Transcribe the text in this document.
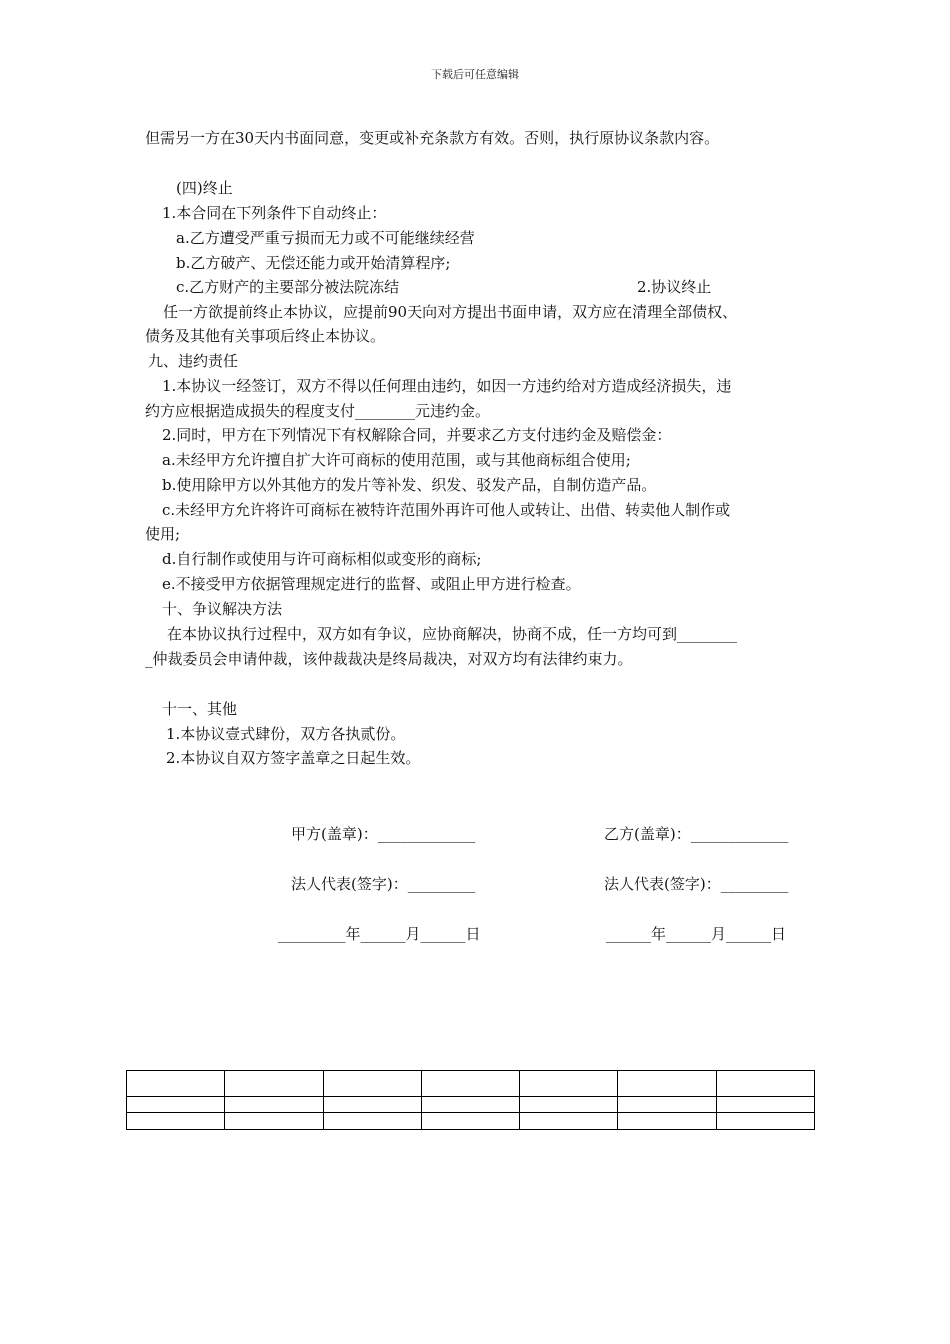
下载后可任意编辑
但需另一方在30天内书面同意，变更或补充条款方有效。否则，执行原协议条款内容。
(四)终止
1.本合同在下列条件下自动终止：
a.乙方遭受严重亏损而无力或不可能继续经营
b.乙方破产、无偿还能力或开始清算程序;
c.乙方财产的主要部分被法院冻结	2.协议终止
任一方欲提前终止本协议，应提前90天向对方提出书面申请，双方应在清理全部债权、
债务及其他有关事项后终止本协议。
九、违约责任
1.本协议一经签订，双方不得以任何理由违约，如因一方违约给对方造成经济损失，违
约方应根据造成损失的程度支付________元违约金。
2.同时，甲方在下列情况下有权解除合同，并要求乙方支付违约金及赔偿金：
a.未经甲方允许擅自扩大许可商标的使用范围，或与其他商标组合使用;
b.使用除甲方以外其他方的发片等补发、织发、驳发产品，自制仿造产品。
c.未经甲方允许将许可商标在被特许范围外再许可他人或转让、出借、转卖他人制作或
使用;
d.自行制作或使用与许可商标相似或变形的商标;
e.不接受甲方依据管理规定进行的监督、或阻止甲方进行检查。
十、争议解决方法
在本协议执行过程中，双方如有争议，应协商解决，协商不成，任一方均可到________
_仲裁委员会申请仲裁，该仲裁裁决是终局裁决，对双方均有法律约束力。
十一、其他
1.本协议壹式肆份，双方各执贰份。
2.本协议自双方签字盖章之日起生效。
甲方(盖章)：_____________	乙方(盖章)：_____________
法人代表(签字)：_________	法人代表(签字)：_________
_________年______月______日	______年______月______日
